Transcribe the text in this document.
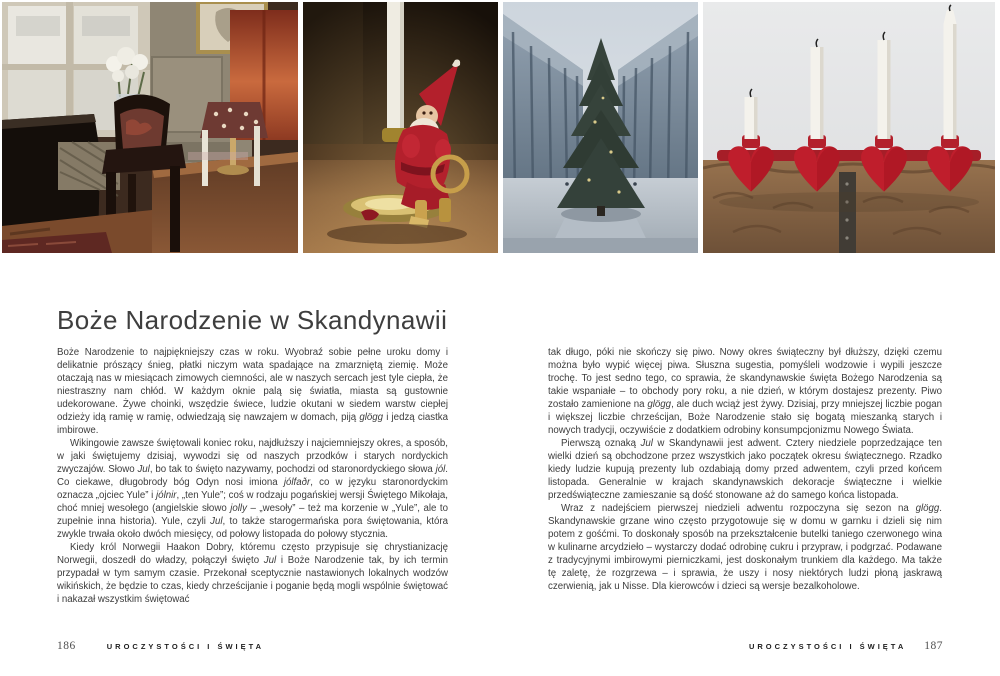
Boże Narodzenie w Skandynawii

Boże Narodzenie to najpiękniejszy czas w roku. Wyobraź sobie pełne uroku domy i delikatnie prószący śnieg, płatki niczym wata spadające na zmarzniętą ziemię. Może otaczają nas w miesiącach zimowych ciemności, ale w naszych sercach jest tyle ciepła, że niestraszny nam chłód. W każdym oknie palą się światła, miasta są gustownie udekorowane. Żywe choinki, wszędzie świece, ludzie okutani w siedem warstw ciepłej odzieży idą ramię w ramię, odwiedzają się nawzajem w domach, piją glögg i jedzą ciastka imbirowe.

Wikingowie zawsze świętowali koniec roku, najdłuższy i najciemniejszy okres, a sposób, w jaki świętujemy dzisiaj, wywodzi się od naszych przodków i starych nordyckich zwyczajów. Słowo Jul, bo tak to święto nazywamy, pochodzi od staronordyckiego słowa jól. Co ciekawe, długobrody bóg Odyn nosi imiona jólfaðr, co w języku staronordyckim oznacza „ojciec Yule” i jólnir, „ten Yule”; coś w rodzaju pogańskiej wersji Świętego Mikołaja, choć mniej wesołego (angielskie słowo jolly – „wesoły” – też ma korzenie w „Yule”, ale to zupełnie inna historia). Yule, czyli Jul, to także starogermańska pora świętowania, która zwykle trwała około dwóch miesięcy, od połowy listopada do połowy stycznia.

Kiedy król Norwegii Haakon Dobry, któremu często przypisuje się chrystianizację Norwegii, doszedł do władzy, połączył święto Jul i Boże Narodzenie tak, by ich termin przypadał w tym samym czasie. Przekonał sceptycznie nastawionych lokalnych wodzów wikińskich, że będzie to czas, kiedy chrześcijanie i poganie będą mogli wspólnie świętować i nakazał wszystkim świętować

tak długo, póki nie skończy się piwo. Nowy okres świąteczny był dłuższy, dzięki czemu można było wypić więcej piwa. Słuszna sugestia, pomyśleli wodzowie i wypili jeszcze trochę. To jest sedno tego, co sprawia, że skandynawskie święta Bożego Narodzenia są takie wspaniałe – to obchody pory roku, a nie dzień, w którym dostajesz prezenty. Piwo zostało zamienione na glögg, ale duch wciąż jest żywy. Dzisiaj, przy mniejszej liczbie pogan i większej liczbie chrześcijan, Boże Narodzenie stało się bogatą mieszanką starych i nowych tradycji, oczywiście z dodatkiem odrobiny konsumpcjonizmu Nowego Świata.

Pierwszą oznaką Jul w Skandynawii jest adwent. Cztery niedziele poprzedzające ten wielki dzień są obchodzone przez wszystkich jako początek okresu świątecznego. Rzadko kiedy ludzie kupują prezenty lub ozdabiają domy przed adwentem, czyli przed końcem listopada. Generalnie w krajach skandynawskich dekoracje świąteczne i wielkie przedświąteczne zamieszanie są dość stonowane aż do samego końca listopada.

Wraz z nadejściem pierwszej niedzieli adwentu rozpoczyna się sezon na glögg. Skandynawskie grzane wino często przygotowuje się w domu w garnku i dzieli się nim potem z gośćmi. To doskonały sposób na przekształcenie butelki taniego czerwonego wina w kulinarne arcydzieło – wystarczy dodać odrobinę cukru i przypraw, i podgrzać. Podawane z tradycyjnymi imbirowymi pierniczkami, jest doskonałym trunkiem dla każdego. Ma także tę zaletę, że rozgrzewa – i sprawia, że uszy i nosy niektórych ludzi płoną jaskrawą czerwienią, jak u Nisse. Dla kierowców i dzieci są wersje bezalkoholowe.

186	UROCZYSTOŚCI I ŚWIĘTA	UROCZYSTOŚCI I ŚWIĘTA 187
